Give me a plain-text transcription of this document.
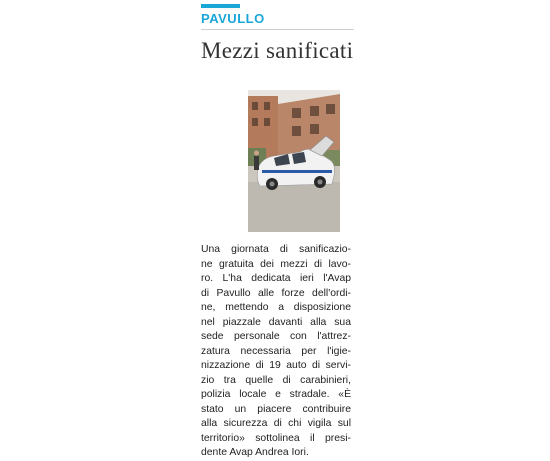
PAVULLO
Mezzi sanificati
Una giornata di sanificazio-
ne gratuita dei mezzi di lavo-
ro. L'ha dedicata ieri l'Avap
di Pavullo alle forze dell'ordi-
ne, mettendo a disposizione
nel piazzale davanti alla sua
sede personale con l'attrez-
zatura necessaria per l'igie-
nizzazione di 19 auto di servi-
zio tra quelle di carabinieri,
polizia locale e stradale. «È
stato un piacere contribuire
alla sicurezza di chi vigila sul
territorio» sottolinea il presi-
dente Avap Andrea Iori.
